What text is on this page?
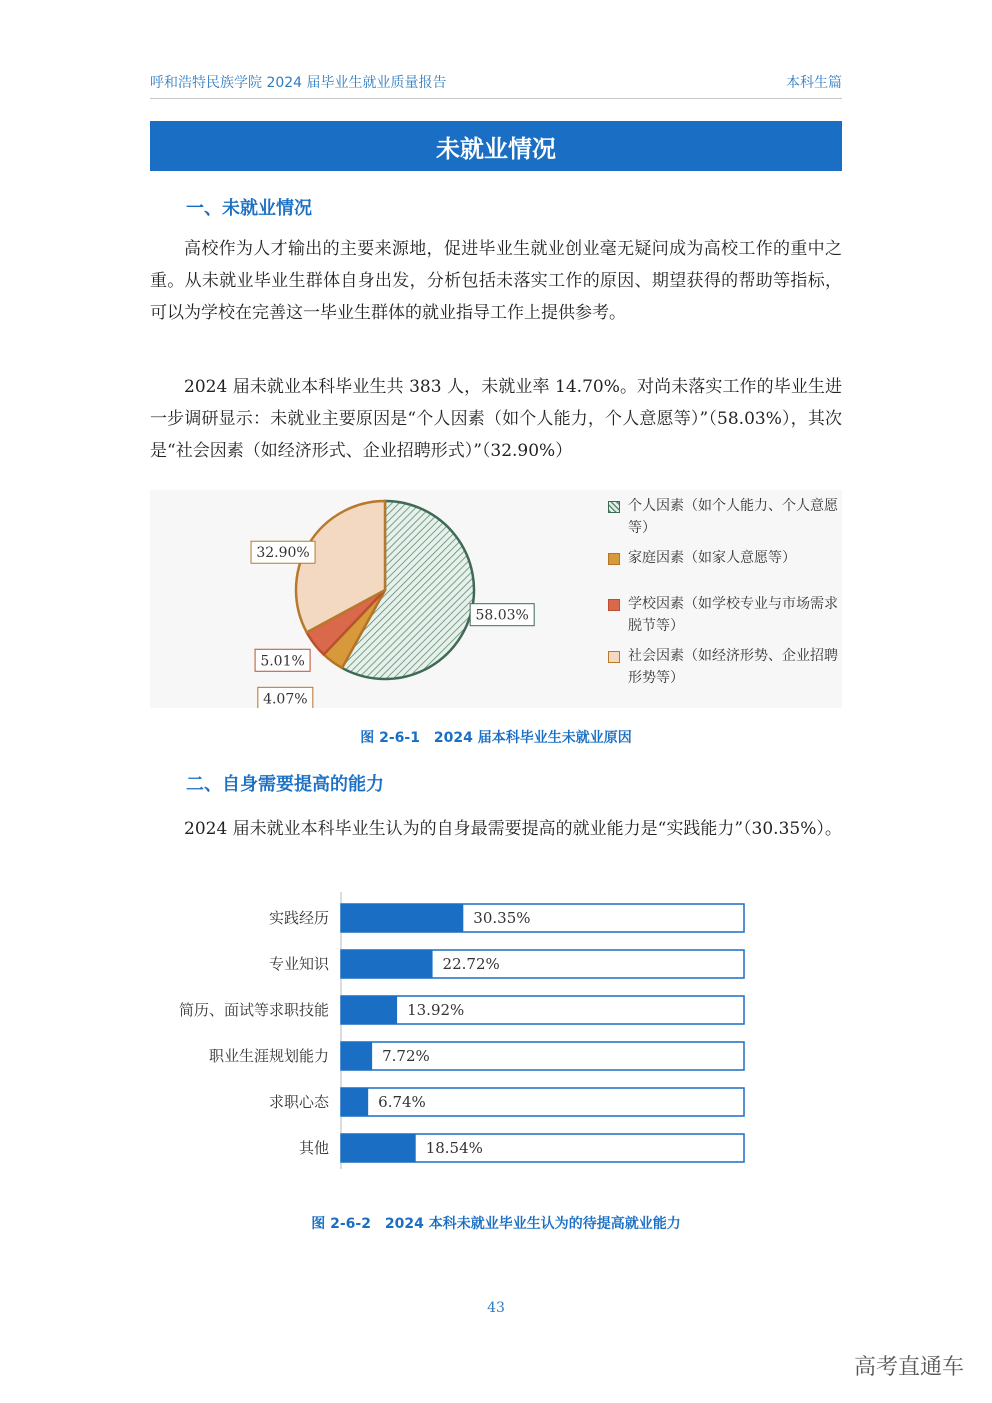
呼和浩特民族学院 2024 届毕业生就业质量报告	本科生篇
未就业情况
一、未就业情况
高校作为人才输出的主要来源地，促进毕业生就业创业毫无疑问成为高校工作的重中之重。从未就业毕业生群体自身出发，分析包括未落实工作的原因、期望获得的帮助等指标，可以为学校在完善这一毕业生群体的就业指导工作上提供参考。
2024 届未就业本科毕业生共 383 人，未就业率 14.70%。对尚未落实工作的毕业生进一步调研显示：未就业主要原因是“个人因素（如个人能力，个人意愿等）”（58.03%），其次是“社会因素（如经济形式、企业招聘形式）”（32.90%）
58.03%
4.07%
5.01%
32.90%
个人因素（如个人能力、个人意愿等）
家庭因素（如家人意愿等）
学校因素（如学校专业与市场需求脱节等）
社会因素（如经济形势、企业招聘形势等）
图 2-6-1　2024 届本科毕业生未就业原因
二、自身需要提高的能力
2024 届未就业本科毕业生认为的自身最需要提高的就业能力是“实践能力”（30.35%）。
实践经历	30.35%
专业知识	22.72%
简历、面试等求职技能	13.92%
职业生涯规划能力	7.72%
求职心态	6.74%
其他	18.54%
图 2-6-2　2024 本科未就业毕业生认为的待提高就业能力
43
高考直通车
